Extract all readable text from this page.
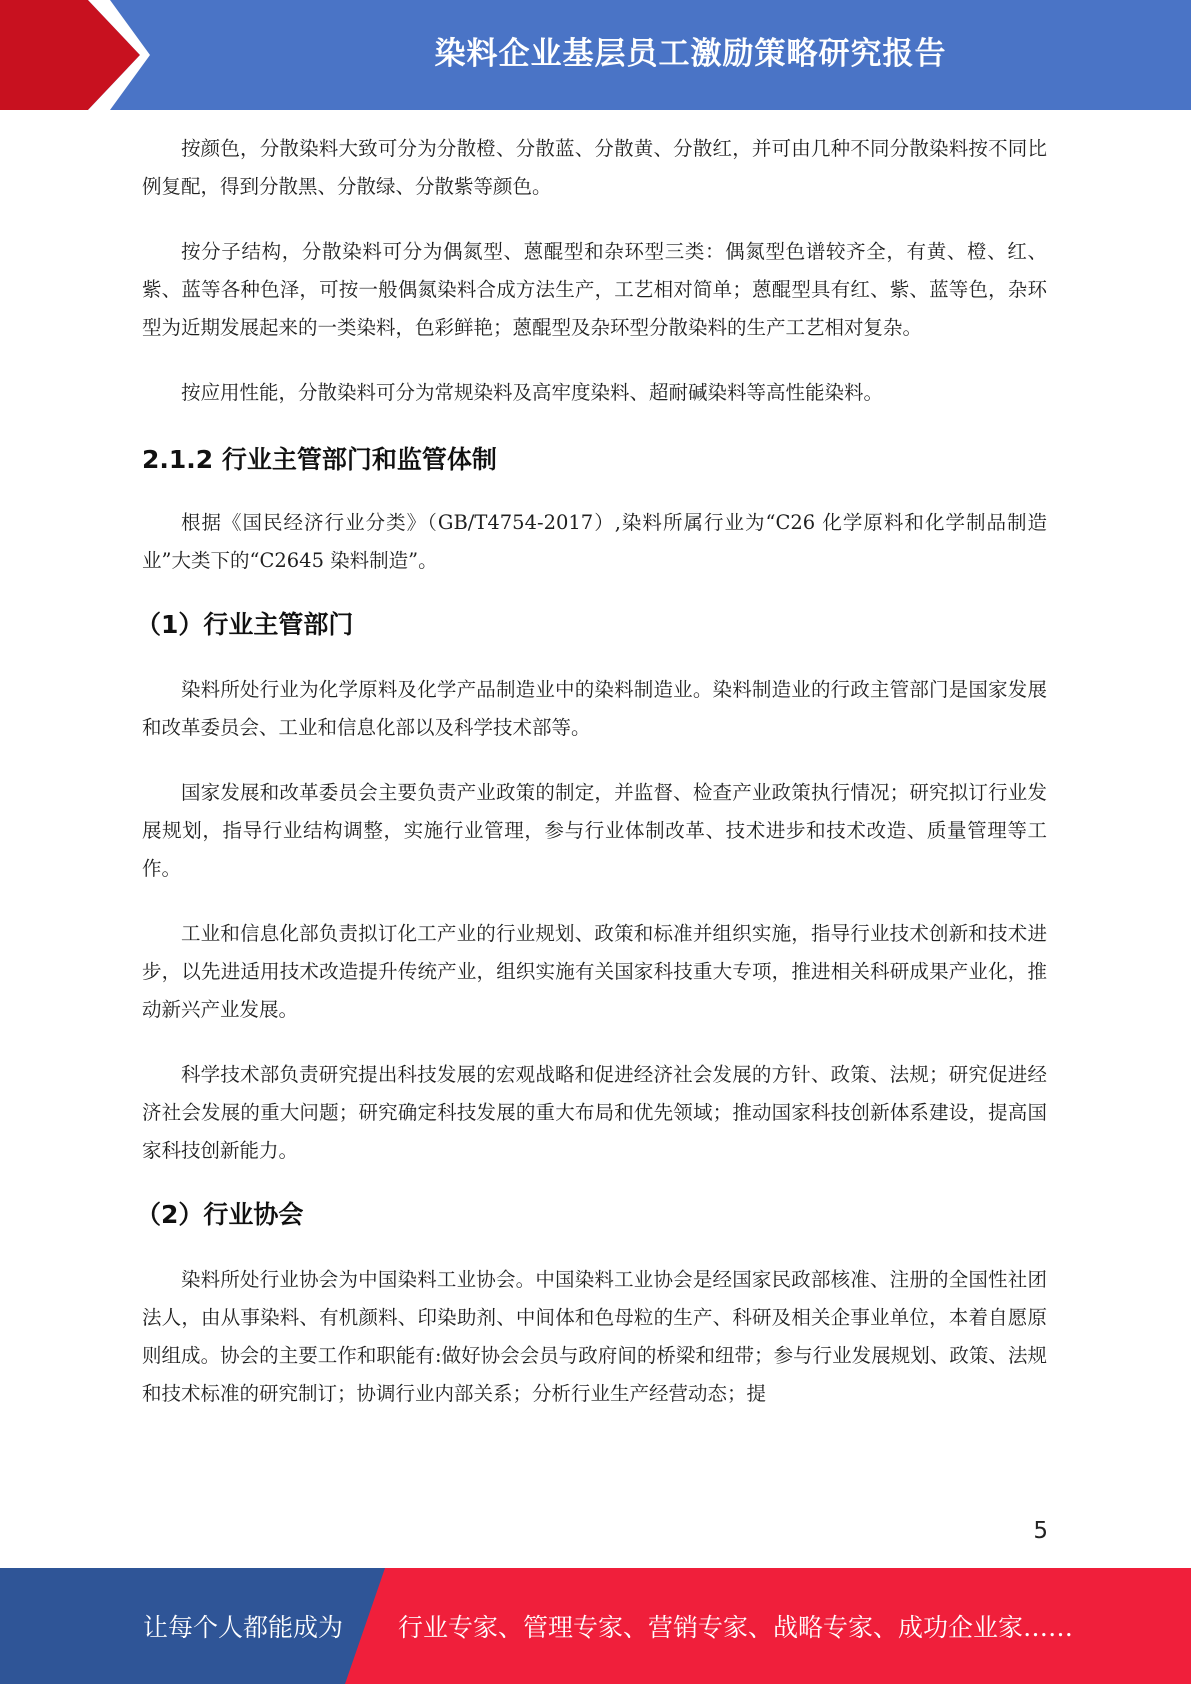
染料企业基层员工激励策略研究报告

按颜色，分散染料大致可分为分散橙、分散蓝、分散黄、分散红，并可由几种不同分散染料按不同比例复配，得到分散黑、分散绿、分散紫等颜色。

按分子结构，分散染料可分为偶氮型、蒽醌型和杂环型三类：偶氮型色谱较齐全，有黄、橙、红、紫、蓝等各种色泽，可按一般偶氮染料合成方法生产，工艺相对简单；蒽醌型具有红、紫、蓝等色，杂环型为近期发展起来的一类染料，色彩鲜艳；蒽醌型及杂环型分散染料的生产工艺相对复杂。

按应用性能，分散染料可分为常规染料及高牢度染料、超耐碱染料等高性能染料。

2.1.2 行业主管部门和监管体制

根据《国民经济行业分类》（GB/T4754-2017）,染料所属行业为“C26 化学原料和化学制品制造业”大类下的“C2645 染料制造”。

（1）行业主管部门

染料所处行业为化学原料及化学产品制造业中的染料制造业。染料制造业的行政主管部门是国家发展和改革委员会、工业和信息化部以及科学技术部等。

国家发展和改革委员会主要负责产业政策的制定，并监督、检查产业政策执行情况；研究拟订行业发展规划，指导行业结构调整，实施行业管理，参与行业体制改革、技术进步和技术改造、质量管理等工作。

工业和信息化部负责拟订化工产业的行业规划、政策和标准并组织实施，指导行业技术创新和技术进步，以先进适用技术改造提升传统产业，组织实施有关国家科技重大专项，推进相关科研成果产业化，推动新兴产业发展。

科学技术部负责研究提出科技发展的宏观战略和促进经济社会发展的方针、政策、法规；研究促进经济社会发展的重大问题；研究确定科技发展的重大布局和优先领域；推动国家科技创新体系建设，提高国家科技创新能力。

（2）行业协会

染料所处行业协会为中国染料工业协会。中国染料工业协会是经国家民政部核准、注册的全国性社团法人，由从事染料、有机颜料、印染助剂、中间体和色母粒的生产、科研及相关企事业单位，本着自愿原则组成。协会的主要工作和职能有:做好协会会员与政府间的桥梁和纽带；参与行业发展规划、政策、法规和技术标准的研究制订；协调行业内部关系；分析行业生产经营动态；提

5
让每个人都能成为 行业专家、管理专家、营销专家、战略专家、成功企业家……
